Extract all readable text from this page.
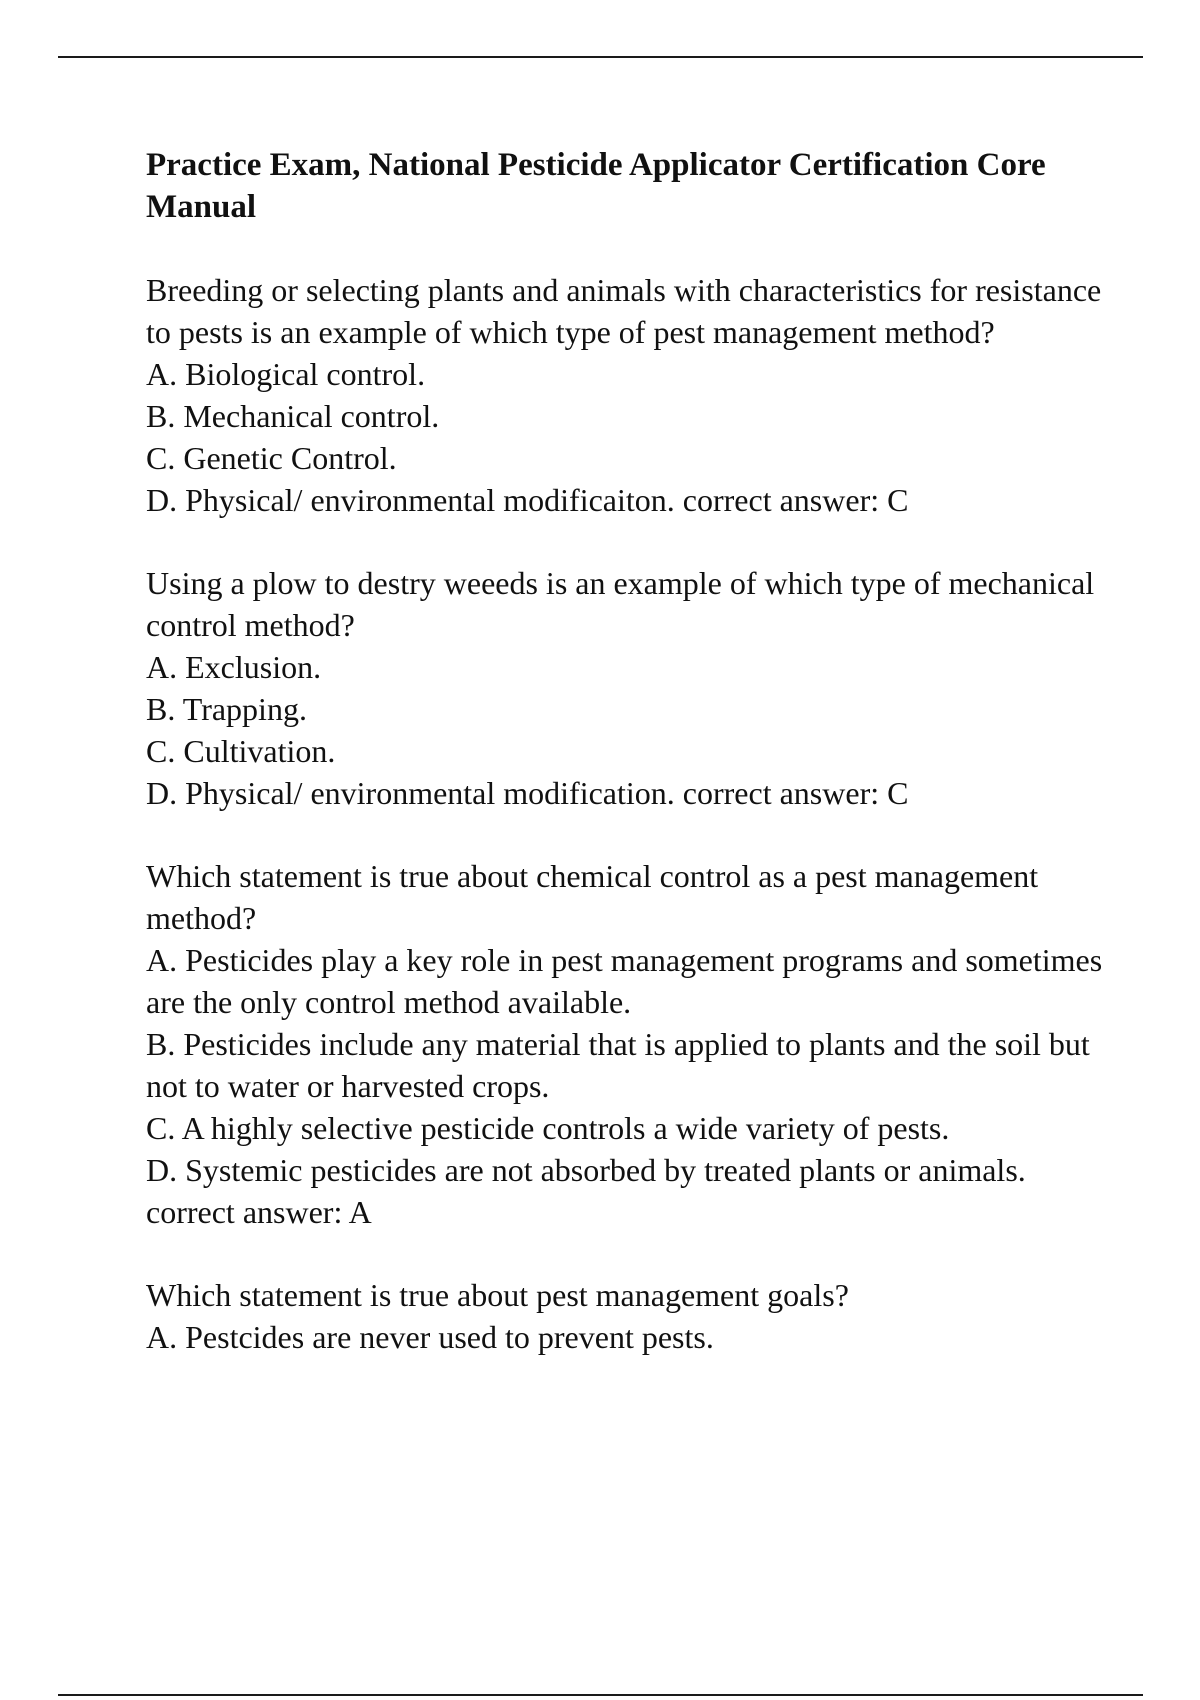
Practice Exam, National Pesticide Applicator Certification Core Manual
Breeding or selecting plants and animals with characteristics for resistance to pests is an example of which type of pest management method?
A. Biological control.
B. Mechanical control.
C. Genetic Control.
D. Physical/ environmental modificaiton. correct answer: C
Using a plow to destry weeeds is an example of which type of mechanical control method?
A. Exclusion.
B. Trapping.
C. Cultivation.
D. Physical/ environmental modification. correct answer: C
Which statement is true about chemical control as a pest management method?
A. Pesticides play a key role in pest management programs and sometimes are the only control method available.
B. Pesticides include any material that is applied to plants and the soil but not to water or harvested crops.
C. A highly selective pesticide controls a wide variety of pests.
D. Systemic pesticides are not absorbed by treated plants or animals. correct answer: A
Which statement is true about pest management goals?
A. Pestcides are never used to prevent pests.
